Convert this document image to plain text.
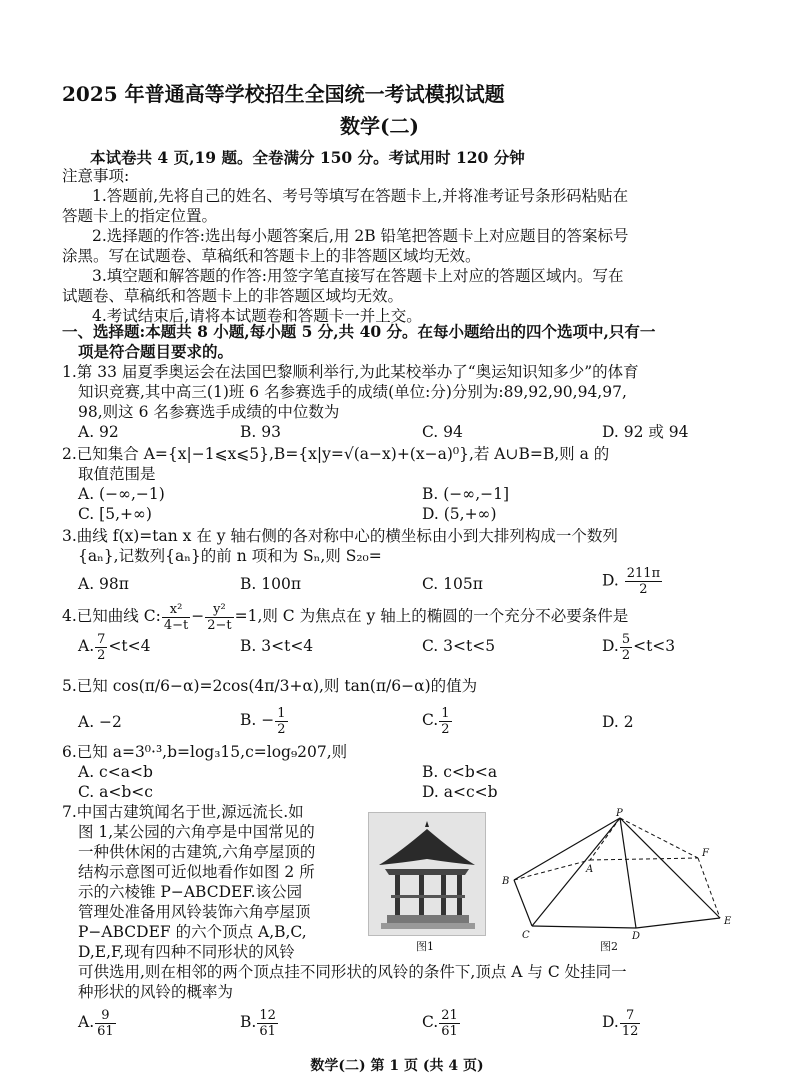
2025 年普通高等学校招生全国统一考试模拟试题
数学(二)
本试卷共 4 页,19 题。全卷满分 150 分。考试用时 120 分钟
注意事项:
1.答题前,先将自己的姓名、考号等填写在答题卡上,并将准考证号条形码粘贴在
答题卡上的指定位置。
2.选择题的作答:选出每小题答案后,用 2B 铅笔把答题卡上对应题目的答案标号
涂黑。写在试题卷、草稿纸和答题卡上的非答题区域均无效。
3.填空题和解答题的作答:用签字笔直接写在答题卡上对应的答题区域内。写在
试题卷、草稿纸和答题卡上的非答题区域均无效。
4.考试结束后,请将本试题卷和答题卡一并上交。
一、选择题:本题共 8 小题,每小题 5 分,共 40 分。在每小题给出的四个选项中,只有一
项是符合题目要求的。
1.第 33 届夏季奥运会在法国巴黎顺利举行,为此某校举办了“奥运知识知多少”的体育
知识竞赛,其中高三(1)班 6 名参赛选手的成绩(单位:分)分别为:89,92,90,94,97,
98,则这 6 名参赛选手成绩的中位数为
A. 92	B. 93	C. 94	D. 92 或 94
2.已知集合 A={x|−1⩽x⩽5},B={x|y=√(a−x)+(x−a)⁰},若 A∪B=B,则 a 的
取值范围是
A. (−∞,−1)	B. (−∞,−1]
C. [5,+∞)	D. (5,+∞)
3.曲线 f(x)=tan x 在 y 轴右侧的各对称中心的横坐标由小到大排列构成一个数列
{aₙ},记数列{aₙ}的前 n 项和为 Sₙ,则 S₂₀=
A. 98π	B. 100π	C. 105π	D. $\frac{211\pi}{2}$
4.已知曲线 C: $\frac{\text{x²}}{4-t} - \frac{\text{y²}}{2-t} =1$,则 C 为焦点在 y 轴上的椭圆的一个充分不必要条件是
A. $\frac{7}{2} <t<4$	B. 3<t<4	C. 3<t<5	D. $\frac{5}{2} <t<3$
5.已知 cos(π/6−α)=2cos(4π/3+α),则 tan(π/6−α)的值为
A. −2	B. − $\frac{1}{2}$	C. $\frac{1}{2}$	D. 2
6.已知 a=3⁰·³,b=log₃15,c=log₉207,则
A. c<a<b	B. c<b<a
C. a<b<c	D. a<c<b
7.中国古建筑闻名于世,源远流长.如
图 1,某公园的六角亭是中国常见的
一种供休闲的古建筑,六角亭屋顶的
结构示意图可近似地看作如图 2 所
示的六棱锥 P−ABCDEF.该公园
管理处准备用风铃装饰六角亭屋顶
P−ABCDEF 的六个顶点 A,B,C,
D,E,F,现有四种不同形状的风铃
可供选用,则在相邻的两个顶点挂不同形状的风铃的条件下,顶点 A 与 C 处挂同一
种形状的风铃的概率为
图1
P
A
B
C	D
E
F
图2
A. $\frac{9}{61}$	B. $\frac{12}{61}$	C. $\frac{21}{61}$	D. $\frac{7}{12}$
数学(二) 第 1 页 (共 4 页)
